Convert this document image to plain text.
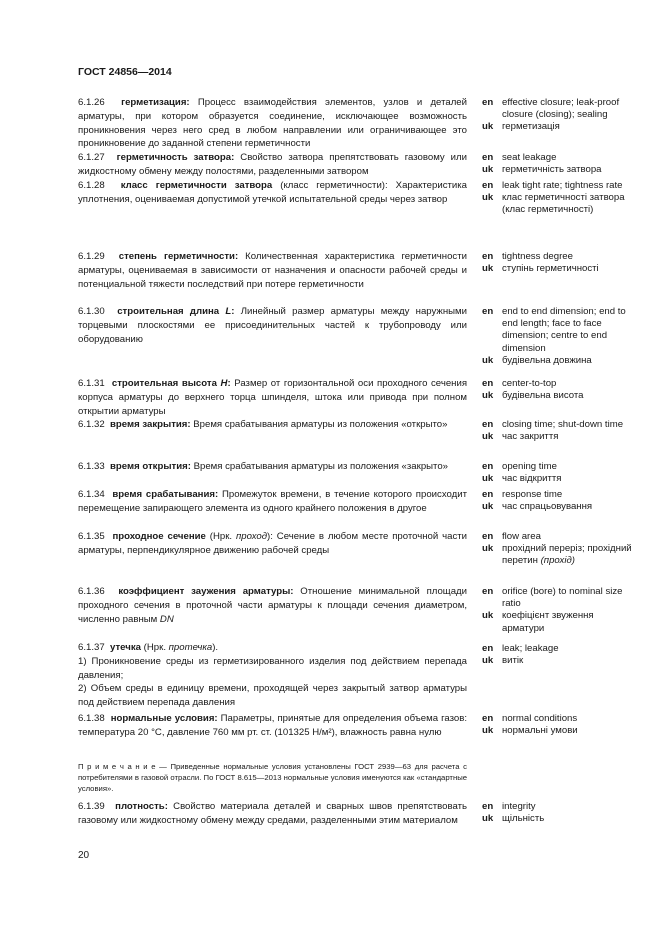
ГОСТ 24856—2014
6.1.26 герметизация: Процесс взаимодействия элементов, узлов и деталей арматуры, при котором образуется соединение, исключающее возможность проникновения через него сред в любом направлении или ограничивающее это проникновение до заданной степени герметичности
6.1.27 герметичность затвора: Свойство затвора препятствовать газовому или жидкостному обмену между полостями, разделенными затвором
6.1.28 класс герметичности затвора (класс герметичности): Характеристика уплотнения, оцениваемая допустимой утечкой испытательной среды через затвор
6.1.29 степень герметичности: Количественная характеристика герметичности арматуры, оцениваемая в зависимости от назначения и опасности рабочей среды и потенциальной тяжести последствий при потере герметичности
6.1.30 строительная длина L: Линейный размер арматуры между наружными торцевыми плоскостями ее присоединительных частей к трубопроводу или оборудованию
6.1.31 строительная высота H: Размер от горизонтальной оси проходного сечения корпуса арматуры до верхнего торца шпинделя, штока или привода при полном открытии арматуры
6.1.32 время закрытия: Время срабатывания арматуры из положения «открыто»
6.1.33 время открытия: Время срабатывания арматуры из положения «закрыто»
6.1.34 время срабатывания: Промежуток времени, в течение которого происходит перемещение запирающего элемента из одного крайнего положения в другое
6.1.35 проходное сечение (Нрк. проход): Сечение в любом месте проточной части арматуры, перпендикулярное движению рабочей среды
6.1.36 коэффициент заужения арматуры: Отношение минимальной площади проходного сечения в проточной части арматуры к площади сечения диаметром, численно равным DN
6.1.37 утечка (Нрк. протечка).
1) Проникновение среды из герметизированного изделия под действием перепада давления;
2) Объем среды в единицу времени, проходящей через закрытый затвор арматуры под действием перепада давления
6.1.38 нормальные условия: Параметры, принятые для определения объема газов: температура 20 °С, давление 760 мм рт. ст. (101325 Н/м²), влажность равна нулю
П р и м е ч а н и е — Приведенные нормальные условия установлены ГОСТ 2939—63 для расчета с потребителями в газовой отрасли. По ГОСТ 8.615—2013 нормальные условия именуются как «стандартные условия».
6.1.39 плотность: Свойство материала деталей и сварных швов препятствовать газовому или жидкостному обмену между средами, разделенными этим материалом
en effective closure; leak-proof closure (closing); sealing
uk герметизація
en seat leakage
uk герметичність затвора
en leak tight rate; tightness rate
uk клас герметичності затвора (клас герметичності)
en tightness degree
uk ступінь герметичності
en end to end dimension; end to end length; face to face dimension; centre to end dimension
uk будівельна довжина
en center-to-top
uk будівельна висота
en closing time; shut-down time
uk час закриття
en opening time
uk час відкриття
en response time
uk час спрацьовування
en flow area
uk прохідний переріз; прохідний перетин (прохід)
en orifice (bore) to nominal size ratio
uk коефіцієнт звуження арматури
en leak; leakage
uk витік
en normal conditions
uk нормальні умови
en integrity
uk щільність
20
